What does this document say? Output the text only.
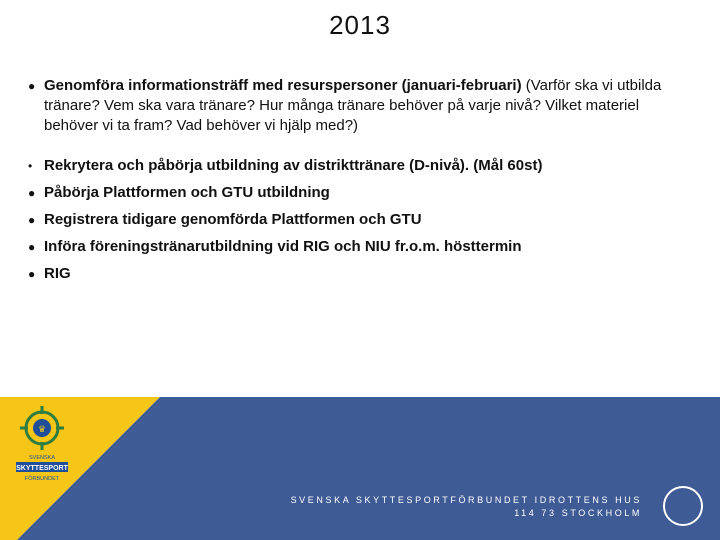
2013
● Genomföra informationsträff med resurspersoner (januari-februari) (Varför ska vi utbilda tränare? Vem ska vara tränare? Hur många tränare behöver på varje nivå? Vilket materiel behöver vi ta fram? Vad behöver vi hjälp med?)
• Rekrytera och påbörja utbildning av distrikttränare (D-nivå). (Mål 60st)
● Påbörja Plattformen och GTU utbildning
● Registrera tidigare genomförda Plattformen och GTU
● Införa föreningstränarutbildning vid RIG och NIU fr.o.m. hösttermin
● RIG
♛
SVENSKA
SKYTTESPORT
FÖRBUNDET
SVENSKA SKYTTESPORTFÖRBUNDET IDROTTENS HUS
114 73 STOCKHOLM
